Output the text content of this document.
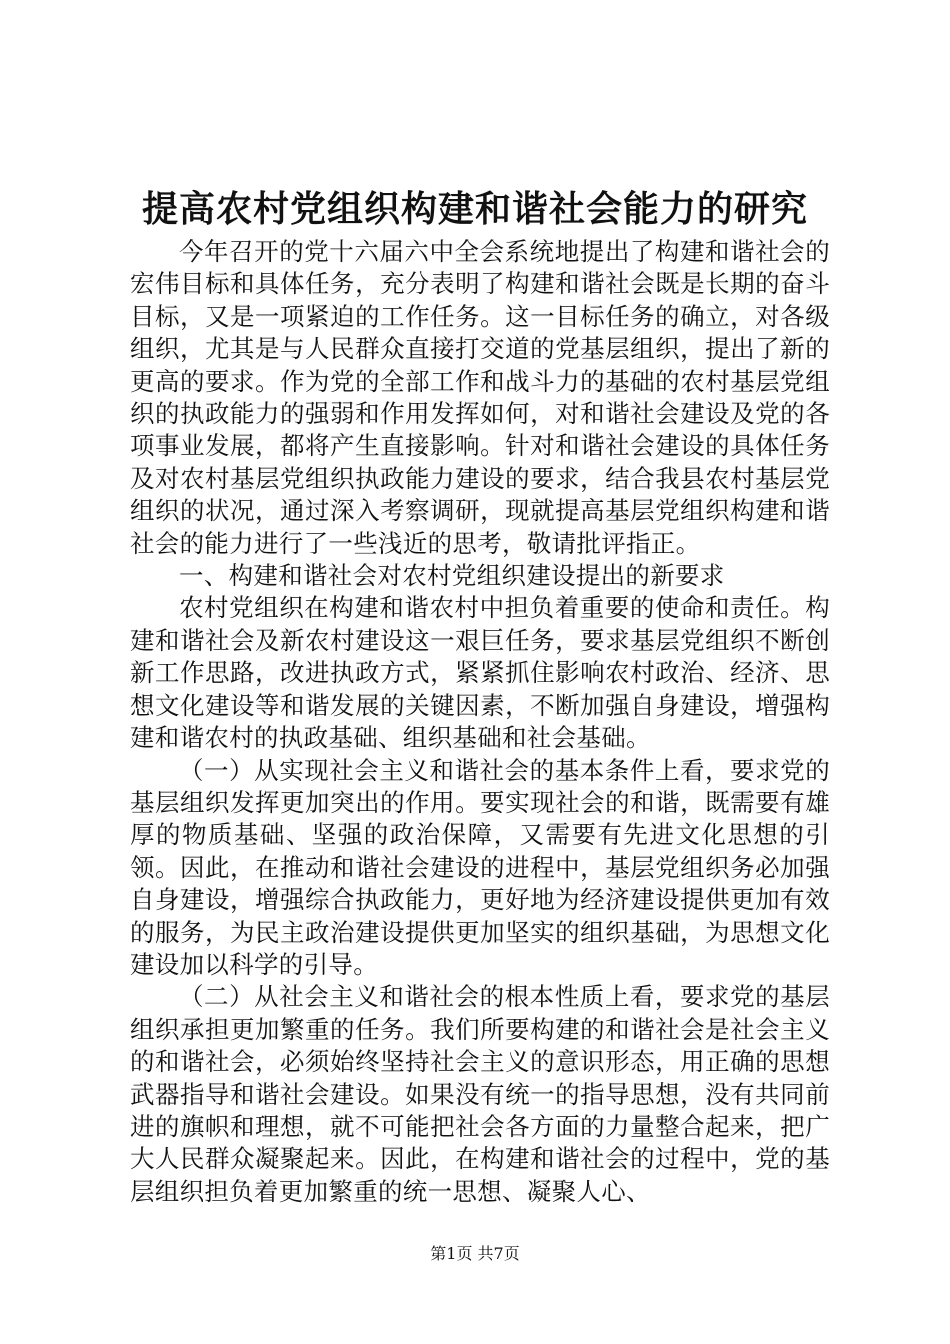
提高农村党组织构建和谐社会能力的研究

今年召开的党十六届六中全会系统地提出了构建和谐社会的宏伟目标和具体任务，充分表明了构建和谐社会既是长期的奋斗目标，又是一项紧迫的工作任务。这一目标任务的确立，对各级组织，尤其是与人民群众直接打交道的党基层组织，提出了新的更高的要求。作为党的全部工作和战斗力的基础的农村基层党组织的执政能力的强弱和作用发挥如何，对和谐社会建设及党的各项事业发展，都将产生直接影响。针对和谐社会建设的具体任务及对农村基层党组织执政能力建设的要求，结合我县农村基层党组织的状况，通过深入考察调研，现就提高基层党组织构建和谐社会的能力进行了一些浅近的思考，敬请批评指正。

一、构建和谐社会对农村党组织建设提出的新要求

农村党组织在构建和谐农村中担负着重要的使命和责任。构建和谐社会及新农村建设这一艰巨任务，要求基层党组织不断创新工作思路，改进执政方式，紧紧抓住影响农村政治、经济、思想文化建设等和谐发展的关键因素，不断加强自身建设，增强构建和谐农村的执政基础、组织基础和社会基础。

（一）从实现社会主义和谐社会的基本条件上看，要求党的基层组织发挥更加突出的作用。要实现社会的和谐，既需要有雄厚的物质基础、坚强的政治保障，又需要有先进文化思想的引领。因此，在推动和谐社会建设的进程中，基层党组织务必加强自身建设，增强综合执政能力，更好地为经济建设提供更加有效的服务，为民主政治建设提供更加坚实的组织基础，为思想文化建设加以科学的引导。

（二）从社会主义和谐社会的根本性质上看，要求党的基层组织承担更加繁重的任务。我们所要构建的和谐社会是社会主义的和谐社会，必须始终坚持社会主义的意识形态，用正确的思想武器指导和谐社会建设。如果没有统一的指导思想，没有共同前进的旗帜和理想，就不可能把社会各方面的力量整合起来，把广大人民群众凝聚起来。因此，在构建和谐社会的过程中，党的基层组织担负着更加繁重的统一思想、凝聚人心、

第1页 共7页
